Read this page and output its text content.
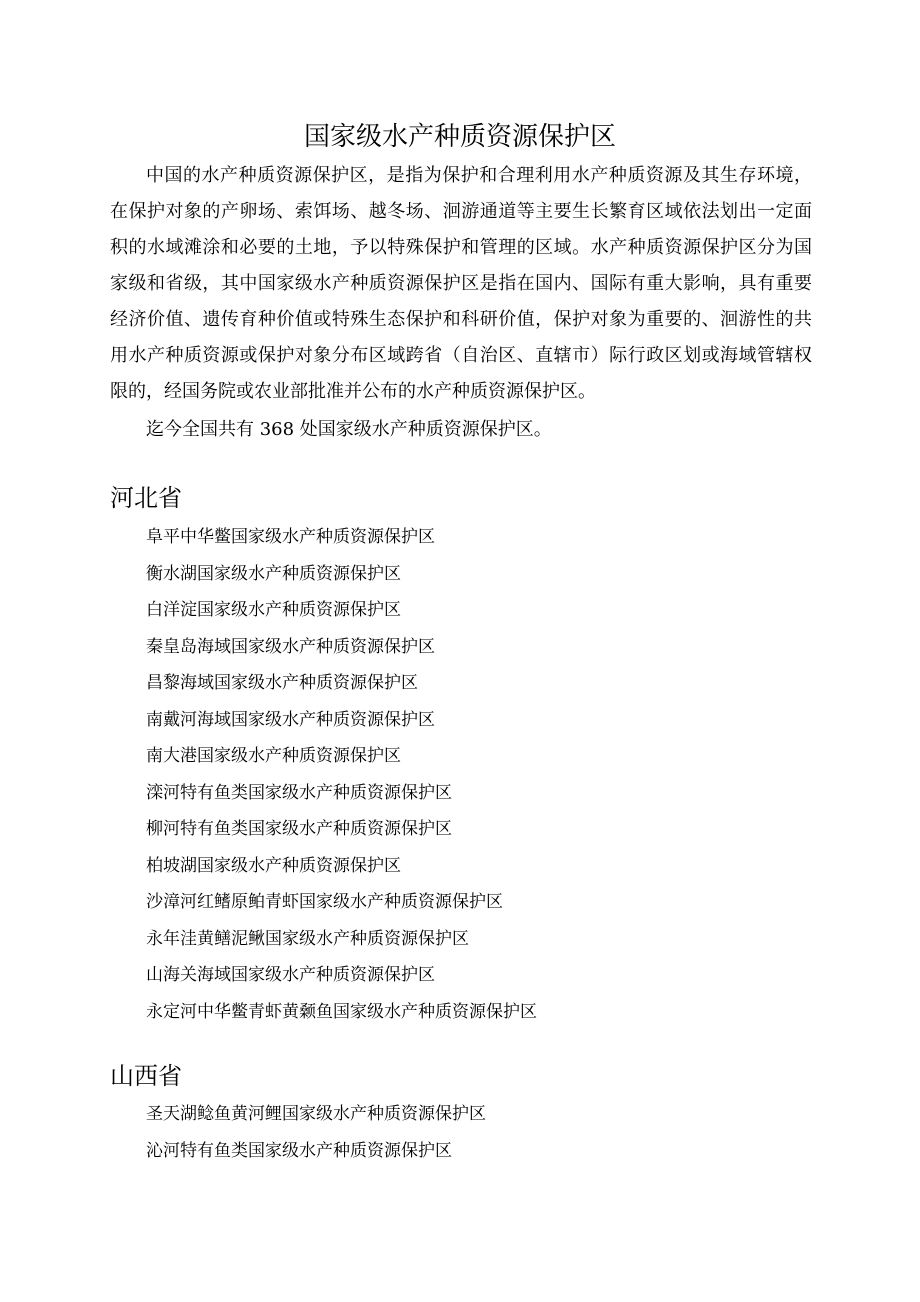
国家级水产种质资源保护区
中国的水产种质资源保护区，是指为保护和合理利用水产种质资源及其生存环境，
在保护对象的产卵场、索饵场、越冬场、洄游通道等主要生长繁育区域依法划出一定面
积的水域滩涂和必要的土地，予以特殊保护和管理的区域。水产种质资源保护区分为国
家级和省级，其中国家级水产种质资源保护区是指在国内、国际有重大影响，具有重要
经济价值、遗传育种价值或特殊生态保护和科研价值，保护对象为重要的、洄游性的共
用水产种质资源或保护对象分布区域跨省（自治区、直辖市）际行政区划或海域管辖权
限的，经国务院或农业部批准并公布的水产种质资源保护区。
迄今全国共有 368 处国家级水产种质资源保护区。
河北省
阜平中华鳖国家级水产种质资源保护区
衡水湖国家级水产种质资源保护区
白洋淀国家级水产种质资源保护区
秦皇岛海域国家级水产种质资源保护区
昌黎海域国家级水产种质资源保护区
南戴河海域国家级水产种质资源保护区
南大港国家级水产种质资源保护区
滦河特有鱼类国家级水产种质资源保护区
柳河特有鱼类国家级水产种质资源保护区
柏坡湖国家级水产种质资源保护区
沙漳河红鳍原鲌青虾国家级水产种质资源保护区
永年洼黄鳝泥鳅国家级水产种质资源保护区
山海关海域国家级水产种质资源保护区
永定河中华鳖青虾黄颡鱼国家级水产种质资源保护区
山西省
圣天湖鲶鱼黄河鲤国家级水产种质资源保护区
沁河特有鱼类国家级水产种质资源保护区
